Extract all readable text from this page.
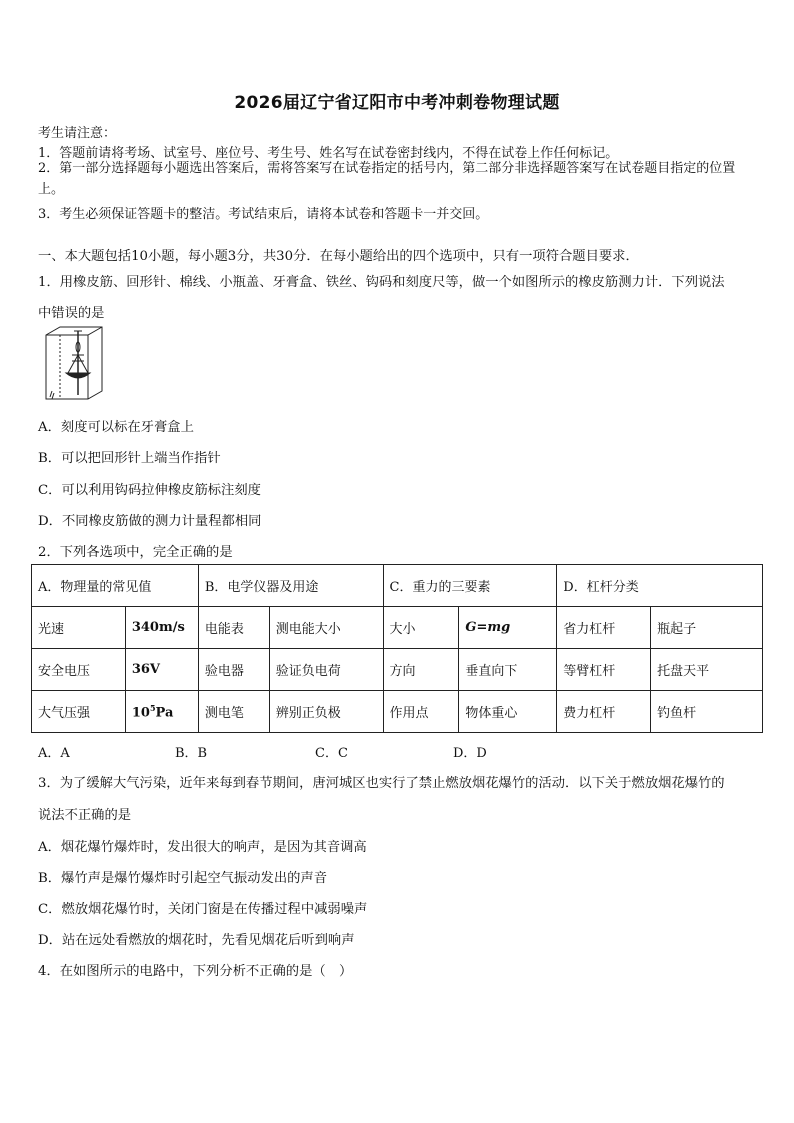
2026届辽宁省辽阳市中考冲刺卷物理试题
考生请注意：
1．答题前请将考场、试室号、座位号、考生号、姓名写在试卷密封线内，不得在试卷上作任何标记。
2．第一部分选择题每小题选出答案后，需将答案写在试卷指定的括号内，第二部分非选择题答案写在试卷题目指定的位置上。
3．考生必须保证答题卡的整洁。考试结束后，请将本试卷和答题卡一并交回。
一、本大题包括10小题，每小题3分，共30分．在每小题给出的四个选项中，只有一项符合题目要求．
1．用橡皮筋、回形针、棉线、小瓶盖、牙膏盒、铁丝、钩码和刻度尺等，做一个如图所示的橡皮筋测力计．下列说法
中错误的是
A．刻度可以标在牙膏盒上
B．可以把回形针上端当作指针
C．可以利用钩码拉伸橡皮筋标注刻度
D．不同橡皮筋做的测力计量程都相同
2．下列各选项中，完全正确的是
A．物理量的常见值		B．电学仪器及用途		C．重力的三要素		D．杠杆分类	
光速	340m/s	电能表	测电能大小	大小	G=mg	省力杠杆	瓶起子
安全电压	36V	验电器	验证负电荷	方向	垂直向下	等臂杠杆	托盘天平
大气压强	$10^5Pa$	测电笔	辨别正负极	作用点	物体重心	费力杠杆	钓鱼杆
A．A	B．B	C．C	D．D
3．为了缓解大气污染，近年来每到春节期间，唐河城区也实行了禁止燃放烟花爆竹的活动．以下关于燃放烟花爆竹的
说法不正确的是
A．烟花爆竹爆炸时，发出很大的响声，是因为其音调高
B．爆竹声是爆竹爆炸时引起空气振动发出的声音
C．燃放烟花爆竹时，关闭门窗是在传播过程中减弱噪声
D．站在远处看燃放的烟花时，先看见烟花后听到响声
4．在如图所示的电路中，下列分析不正确的是（　）
